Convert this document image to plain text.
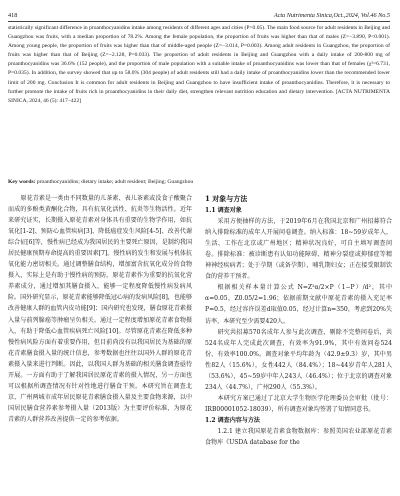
418	Acta Nutrimenta Sinica,Oct.,2024, Vol.46 No.5

statistically significant difference in proanthocyanidins intake among residents of different ages and cities (P>0.05). The main food source for adult residents in Beijing and Guangzhou was fruits, with a median proportion of 78.2%. Among the female population, the proportion of fruits was higher than that of males (Z=−3.890, P<0.001). Among young people, the proportion of fruits was higher than that of middle-aged people (Z=−3.014, P=0.003). Among adult residents in Guangzhou, the proportion of fruits was higher than that of Beijing (Z=−2.128, P=0.033). The proportion of adult residents in Beijing and Guangzhou with a daily intake of 200-800 mg of proanthocyanidins was 36.6% (152 people), and the proportion of male population with a suitable intake of proanthocyanidins was lower than that of females (χ²=6.731, P=0.035). In addition, the survey showed that up to 58.0% (304 people) of adult residents still had a daily intake of proanthocyanidins lower than the recommended lower limit of 200 mg. Conclusion It is common for adult residents in Beijing and Guangzhou to have insufficient intake of proanthocyanidins. Therefore, it is necessary to further promote the intake of fruits rich in proanthocyanidins in their daily diet, strengthen relevant nutrition education and dietary intervention. [ACTA NUTRIMENTA SINICA, 2024, 46 (5): 417−422]

Key words: proanthocyanidins; dietary intake; adult resident; Beijing; Guangzhou

原花青素是一类由不同数量的儿茶素、表儿茶素或没食子酸聚合而成的多酚类黄酮化合物，具有抗氧化活性、抗炎等生物活性。近年来研究证实，长期摄入原花青素对身体具有重要的生物学作用，如抗氧化[1-2]、预防心血管疾病[3]、降低癌症发生风险[4-5]、改善代谢综合征[6]等，慢性病已经成为我国居民的主要死亡原因，是制约我国居民健康预期寿命提高的重要因素[7]。慢性病的发生和发展与机体抗氧化能力密切相关。通过调整膳食结构，增加富含抗氧化成分的食物摄入，实际上是有助于慢性病的预防。原花青素作为重要的抗氧化营养素成分，通过增加其膳食摄入，能够一定程度降低慢性病发病风险。国外研究显示，原花青素能够降低冠心病的发病风险[8]，也能够改善健康人群的血管内皮功能[9]；国内研究也发现，膳食原花青素摄入量与前列腺癌等肿瘤呈负相关。通过一定程度增加原花青素食物摄入，有助于降低心血管疾病死亡风险[10]。尽管原花青素在降低多种慢性病风险方面有着重要作用，但目前尚没有以我国居民为基础的原花青素膳食摄入量的统计信息，参考数据也往往以国外人群的原花青素摄入量来进行判断。因此，以我国人群为基础的相关膳食调查亟待开展。一方面有助于了解我国居民原花青素的摄入情况，另一方面也可以根据所调查情况有针对性地进行膳食干预。本研究旨在调查北京、广州两城市成年居民原花青素膳食摄入量及主要食物来源，以中国居民膳食营养素参考摄入量（2013版）为主要评价标准，为原花青素的人群营养改善提供一定的参考依据。

1 对象与方法
1.1 调查对象

采用方便抽样的方法，于2019年6月在我国北京和广州招募符合纳入排除标准的成年人开展问卷调查。纳入标准：18~59岁成年人，生活、工作在北京或广州地区；精神状况良好，可自主填写调查问卷。排除标准：被诊断患有认知功能障碍、精神分裂症或抑郁症等精神神经疾病者；处于孕期（或备孕期）、哺乳期妇女；正在接受限制饮食的营养干预者。

根据相关样本量计算公式 N=Z²α/2×P（1−P）/d²，其中α=0.05，Z0.05/2=1.96；依据前期文献中原花青素的摄入充足率P=0.5，经过容许误差d取值0.05，经过计算n=350，考虑到20%失访率，本研究至少需要420人。

研究共招募570名成年人参与此次调查，剔除不完整问卷后，共524名成年人完成此次调查，有效率为91.9%，其中有效问卷524份，有效率100.0%。调查对象平均年龄为（42.9±9.3）岁，其中男性82人（15.6%），女性442人（84.4%）；18~44岁青年人281人（53.6%），45~59岁中年人243人（46.4%）；位于北京的调查对象234人（44.7%），广州290人（55.3%）。

本研究方案已通过了北京大学生物医学伦理委员会审批（批号：IRB00001052-18039），所有调查对象均签署了知情同意书。

1.2 调查内容与方法

1.2.1 建立我国原花青素食物数据库：参照美国农业部原花青素食物库《USDA database for the
